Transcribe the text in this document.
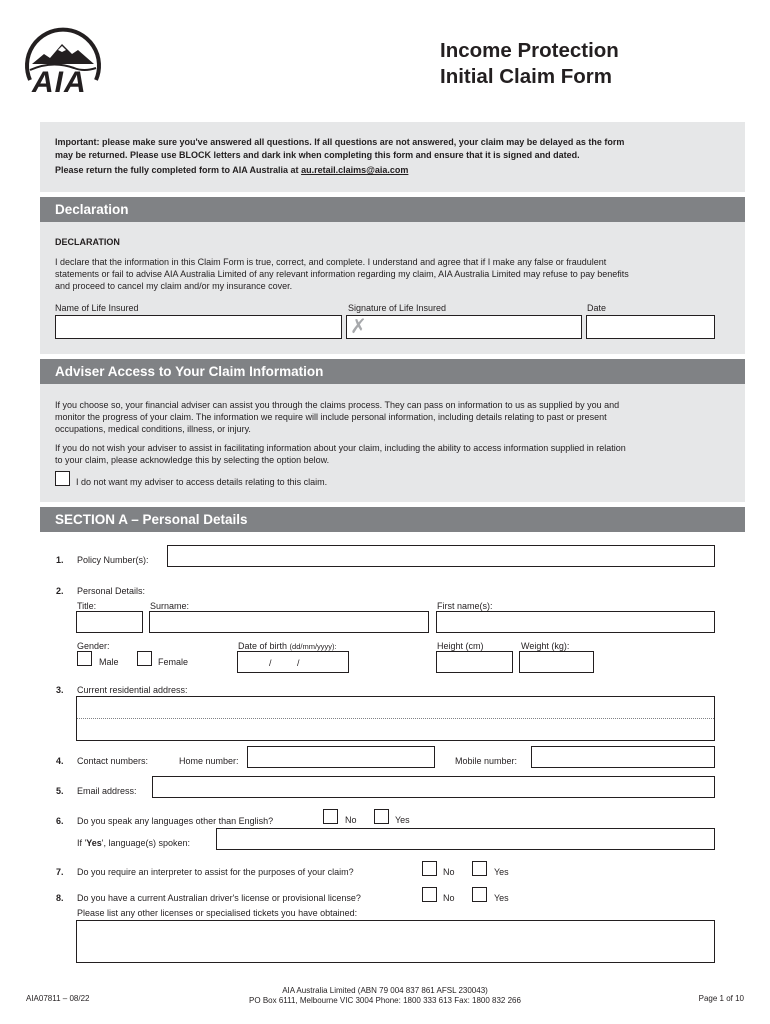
AIA
Income Protection
Initial Claim Form
Important: please make sure you've answered all questions. If all questions are not answered, your claim may be delayed as the form
may be returned. Please use BLOCK letters and dark ink when completing this form and ensure that it is signed and dated.
Please return the fully completed form to AIA Australia at au.retail.claims@aia.com
Declaration
DECLARATION
I declare that the information in this Claim Form is true, correct, and complete. I understand and agree that if I make any false or fraudulent
statements or fail to advise AIA Australia Limited of any relevant information regarding my claim, AIA Australia Limited may refuse to pay benefits
and proceed to cancel my claim and/or my insurance cover.
Name of Life Insured	Signature of Life Insured	Date
✗
Adviser Access to Your Claim Information
If you choose so, your financial adviser can assist you through the claims process. They can pass on information to us as supplied by you and
monitor the progress of your claim. The information we require will include personal information, including details relating to past or present
occupations, medical conditions, illness, or injury.
If you do not wish your adviser to assist in facilitating information about your claim, including the ability to access information supplied in relation
to your claim, please acknowledge this by selecting the option below.
I do not want my adviser to access details relating to this claim.
SECTION A – Personal Details
1. Policy Number(s):
2. Personal Details:
Title:	Surname:	First name(s):
Gender:	Date of birth (dd/mm/yyyy):	Height (cm)	Weight (kg):
Male	Female	/	/
3. Current residential address:
4. Contact numbers:	Home number:	Mobile number:
5. Email address:
6. Do you speak any languages other than English?	No	Yes
If 'Yes', language(s) spoken:
7. Do you require an interpreter to assist for the purposes of your claim?	No	Yes
8. Do you have a current Australian driver's license or provisional license?	No	Yes
Please list any other licenses or specialised tickets you have obtained:
AIA07811 – 08/22
AIA Australia Limited (ABN 79 004 837 861 AFSL 230043)
PO Box 6111, Melbourne VIC 3004 Phone: 1800 333 613 Fax: 1800 832 266	Page 1 of 10
